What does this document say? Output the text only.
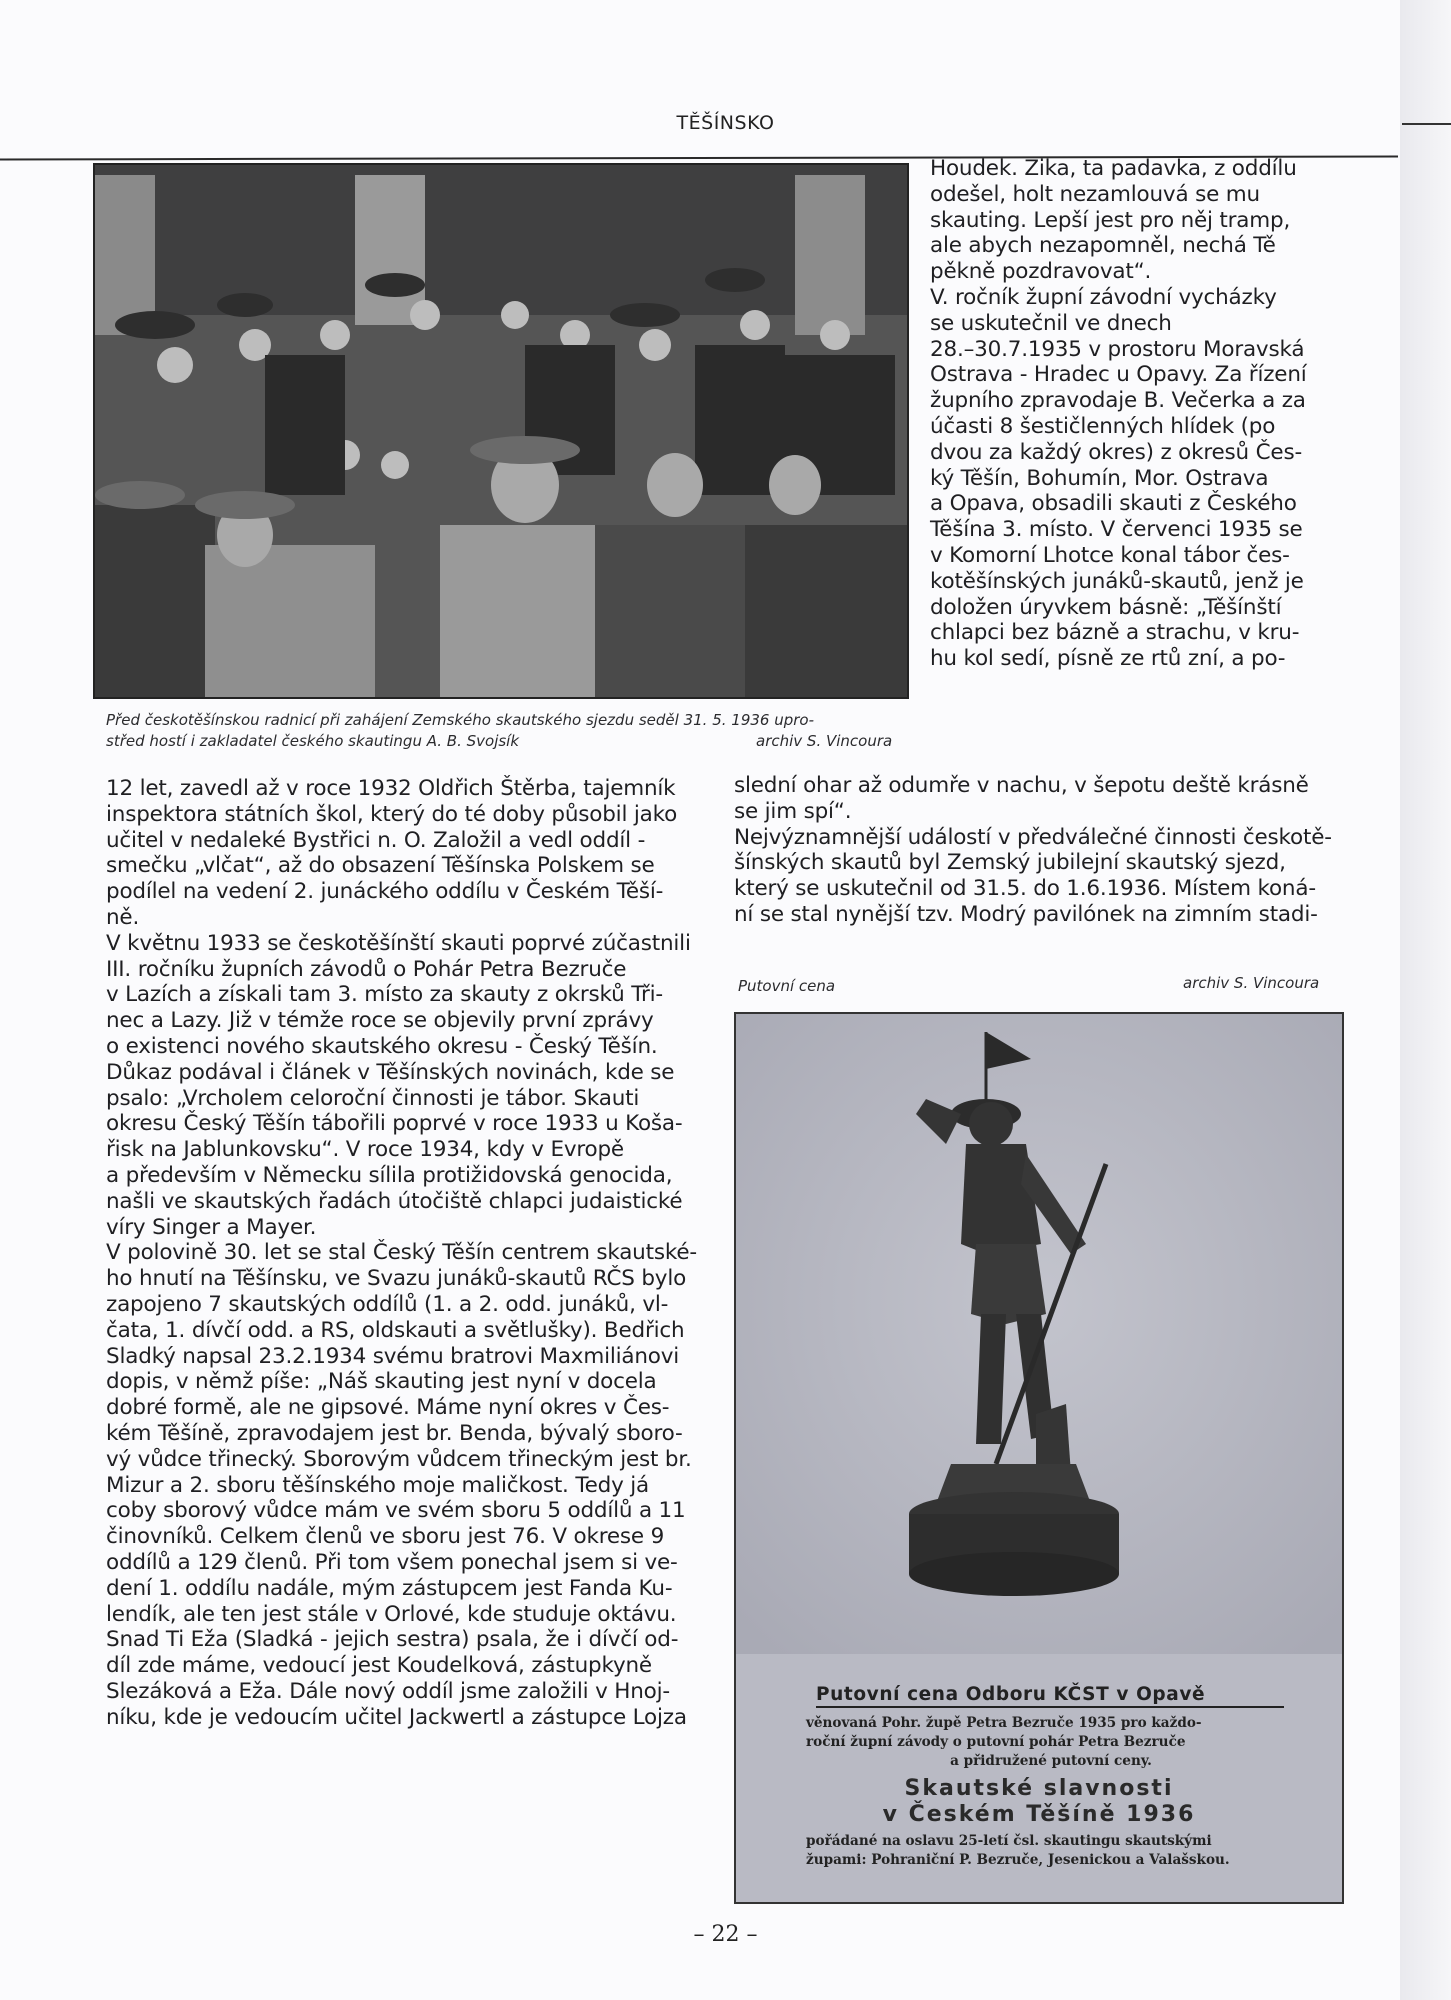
TĚŠÍNSKO
Před českotěšínskou radnicí při zahájení Zemského skautského sjezdu seděl 31. 5. 1936 upro-
střed hostí i zakladatel českého skautingu A. B. Svojsík	archiv S. Vincoura
Houdek. Zika, ta padavka, z oddílu
odešel, holt nezamlouvá se mu
skauting. Lepší jest pro něj tramp,
ale abych nezapomněl, nechá Tě
pěkně pozdravovat“.
V. ročník župní závodní vycházky
se uskutečnil ve dnech
28.–30.7.1935 v prostoru Moravská
Ostrava - Hradec u Opavy. Za řízení
župního zpravodaje B. Večerka a za
účasti 8 šestičlenných hlídek (po
dvou za každý okres) z okresů Čes-
ký Těšín, Bohumín, Mor. Ostrava
a Opava, obsadili skauti z Českého
Těšína 3. místo. V červenci 1935 se
v Komorní Lhotce konal tábor čes-
kotěšínských junáků-skautů, jenž je
doložen úryvkem básně: „Těšínští
chlapci bez bázně a strachu, v kru-
hu kol sedí, písně ze rtů zní, a po-
slední ohar až odumře v nachu, v šepotu deště krásně
se jim spí“.
Nejvýznamnější událostí v předválečné činnosti českotě-
šínských skautů byl Zemský jubilejní skautský sjezd,
který se uskutečnil od 31.5. do 1.6.1936. Místem koná-
ní se stal nynější tzv. Modrý pavilónek na zimním stadi-
12 let, zavedl až v roce 1932 Oldřich Štěrba, tajemník
inspektora státních škol, který do té doby působil jako
učitel v nedaleké Bystřici n. O. Založil a vedl oddíl -
smečku „vlčat“, až do obsazení Těšínska Polskem se
podílel na vedení 2. junáckého oddílu v Českém Těší-
ně.
V květnu 1933 se českotěšínští skauti poprvé zúčastnili
III. ročníku župních závodů o Pohár Petra Bezruče
v Lazích a získali tam 3. místo za skauty z okrsků Tři-
nec a Lazy. Již v témže roce se objevily první zprávy
o existenci nového skautského okresu - Český Těšín.
Důkaz podával i článek v Těšínských novinách, kde se
psalo: „Vrcholem celoroční činnosti je tábor. Skauti
okresu Český Těšín tábořili poprvé v roce 1933 u Koša-
řisk na Jablunkovsku“. V roce 1934, kdy v Evropě
a především v Německu sílila protižidovská genocida,
našli ve skautských řadách útočiště chlapci judaistické
víry Singer a Mayer.
V polovině 30. let se stal Český Těšín centrem skautské-
ho hnutí na Těšínsku, ve Svazu junáků-skautů RČS bylo
zapojeno 7 skautských oddílů (1. a 2. odd. junáků, vl-
čata, 1. dívčí odd. a RS, oldskauti a světlušky). Bedřich
Sladký napsal 23.2.1934 svému bratrovi Maxmiliánovi
dopis, v němž píše: „Náš skauting jest nyní v docela
dobré formě, ale ne gipsové. Máme nyní okres v Čes-
kém Těšíně, zpravodajem jest br. Benda, bývalý sboro-
vý vůdce třinecký. Sborovým vůdcem třineckým jest br.
Mizur a 2. sboru těšínského moje maličkost. Tedy já
coby sborový vůdce mám ve svém sboru 5 oddílů a 11
činovníků. Celkem členů ve sboru jest 76. V okrese 9
oddílů a 129 členů. Při tom všem ponechal jsem si ve-
dení 1. oddílu nadále, mým zástupcem jest Fanda Ku-
lendík, ale ten jest stále v Orlové, kde studuje oktávu.
Snad Ti Eža (Sladká - jejich sestra) psala, že i dívčí od-
díl zde máme, vedoucí jest Koudelková, zástupkyně
Slezáková a Eža. Dále nový oddíl jsme založili v Hnoj-
níku, kde je vedoucím učitel Jackwertl a zástupce Lojza
Putovní cena	archiv S. Vincoura
Putovní cena Odboru KČST v Opavě
věnovaná Pohr. župě Petra Bezruče 1935 pro každo-
roční župní závody o putovní pohár Petra Bezruče
a přidružené putovní ceny.
Skautské slavnosti
v Českém Těšíně 1936
pořádané na oslavu 25-letí čsl. skautingu skautskými
župami: Pohraniční P. Bezruče, Jesenickou a Valašskou.
– 22 –
